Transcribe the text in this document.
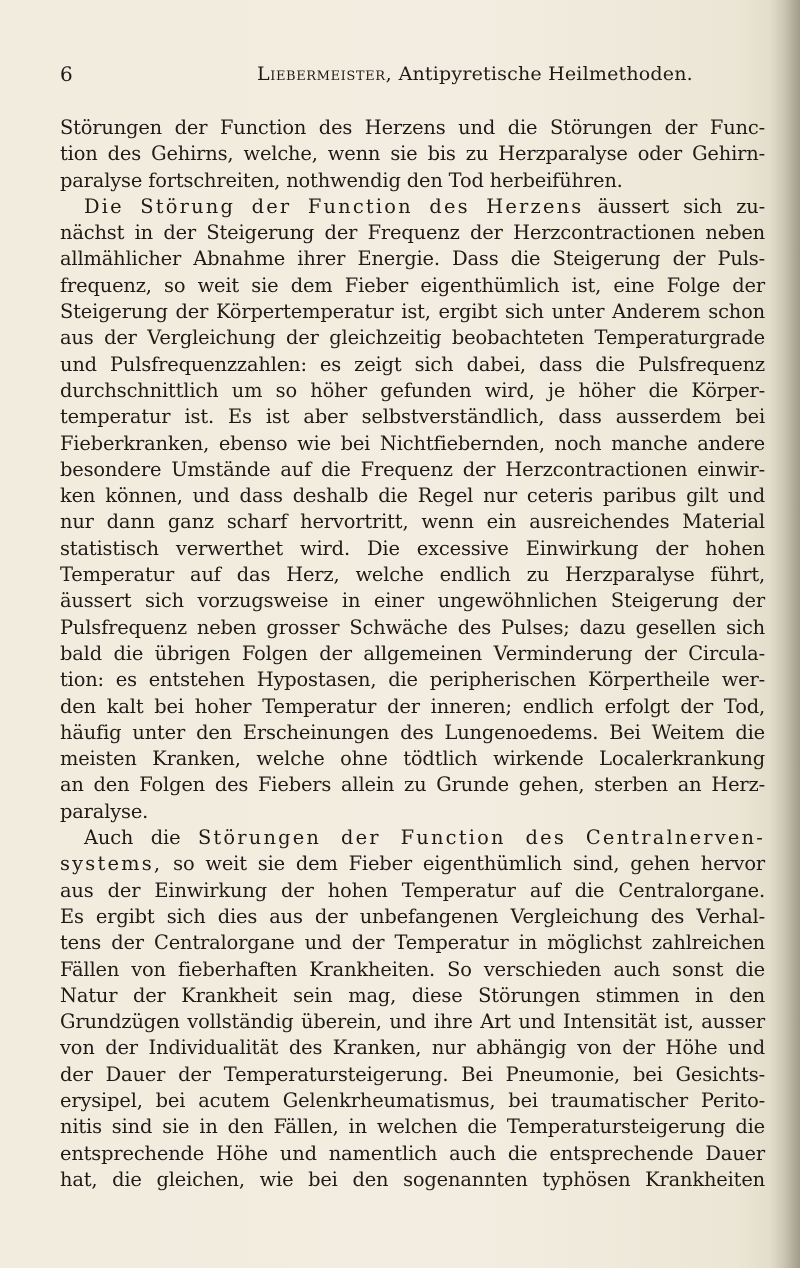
6	Liebermeister, Antipyretische Heilmethoden.
Störungen der Function des Herzens und die Störungen der Func-
tion des Gehirns, welche, wenn sie bis zu Herzparalyse oder Gehirn-
paralyse fortschreiten, nothwendig den Tod herbeiführen.
Die Störung der Function des Herzens äussert sich zu-
nächst in der Steigerung der Frequenz der Herzcontractionen neben
allmählicher Abnahme ihrer Energie. Dass die Steigerung der Puls-
frequenz, so weit sie dem Fieber eigenthümlich ist, eine Folge der
Steigerung der Körpertemperatur ist, ergibt sich unter Anderem schon
aus der Vergleichung der gleichzeitig beobachteten Temperaturgrade
und Pulsfrequenzzahlen: es zeigt sich dabei, dass die Pulsfrequenz
durchschnittlich um so höher gefunden wird, je höher die Körper-
temperatur ist. Es ist aber selbstverständlich, dass ausserdem bei
Fieberkranken, ebenso wie bei Nichtfiebernden, noch manche andere
besondere Umstände auf die Frequenz der Herzcontractionen einwir-
ken können, und dass deshalb die Regel nur ceteris paribus gilt und
nur dann ganz scharf hervortritt, wenn ein ausreichendes Material
statistisch verwerthet wird. Die excessive Einwirkung der hohen
Temperatur auf das Herz, welche endlich zu Herzparalyse führt,
äussert sich vorzugsweise in einer ungewöhnlichen Steigerung der
Pulsfrequenz neben grosser Schwäche des Pulses; dazu gesellen sich
bald die übrigen Folgen der allgemeinen Verminderung der Circula-
tion: es entstehen Hypostasen, die peripherischen Körpertheile wer-
den kalt bei hoher Temperatur der inneren; endlich erfolgt der Tod,
häufig unter den Erscheinungen des Lungenoedems. Bei Weitem die
meisten Kranken, welche ohne tödtlich wirkende Localerkrankung
an den Folgen des Fiebers allein zu Grunde gehen, sterben an Herz-
paralyse.
Auch die Störungen der Function des Centralnerven-
systems, so weit sie dem Fieber eigenthümlich sind, gehen hervor
aus der Einwirkung der hohen Temperatur auf die Centralorgane.
Es ergibt sich dies aus der unbefangenen Vergleichung des Verhal-
tens der Centralorgane und der Temperatur in möglichst zahlreichen
Fällen von fieberhaften Krankheiten. So verschieden auch sonst die
Natur der Krankheit sein mag, diese Störungen stimmen in den
Grundzügen vollständig überein, und ihre Art und Intensität ist, ausser
von der Individualität des Kranken, nur abhängig von der Höhe und
der Dauer der Temperatursteigerung. Bei Pneumonie, bei Gesichts-
erysipel, bei acutem Gelenkrheumatismus, bei traumatischer Perito-
nitis sind sie in den Fällen, in welchen die Temperatursteigerung die
entsprechende Höhe und namentlich auch die entsprechende Dauer
hat, die gleichen, wie bei den sogenannten typhösen Krankheiten
